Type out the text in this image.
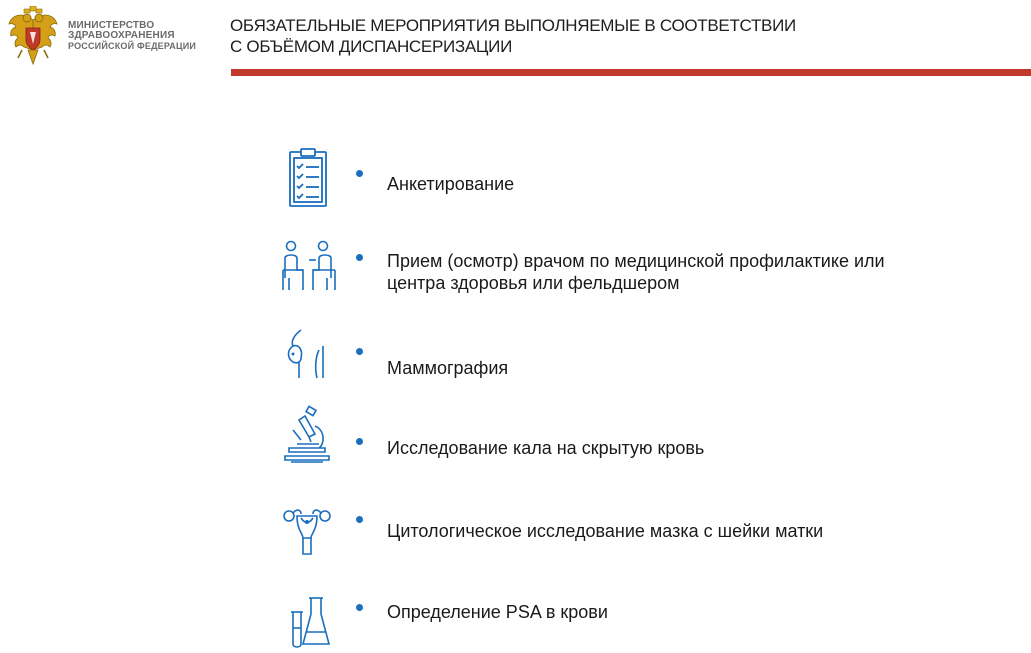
МИНИСТЕРСТВО
ЗДРАВООХРАНЕНИЯ
РОССИЙСКОЙ ФЕДЕРАЦИИ
ОБЯЗАТЕЛЬНЫЕ МЕРОПРИЯТИЯ ВЫПОЛНЯЕМЫЕ В СООТВЕТСТВИИ
С ОБЪЁМОМ ДИСПАНСЕРИЗАЦИИ
Анкетирование
Прием (осмотр) врачом по медицинской профилактике или
центра здоровья или фельдшером
Маммография
Исследование кала на скрытую кровь
Цитологическое исследование мазка с шейки матки
Определение PSA в крови
